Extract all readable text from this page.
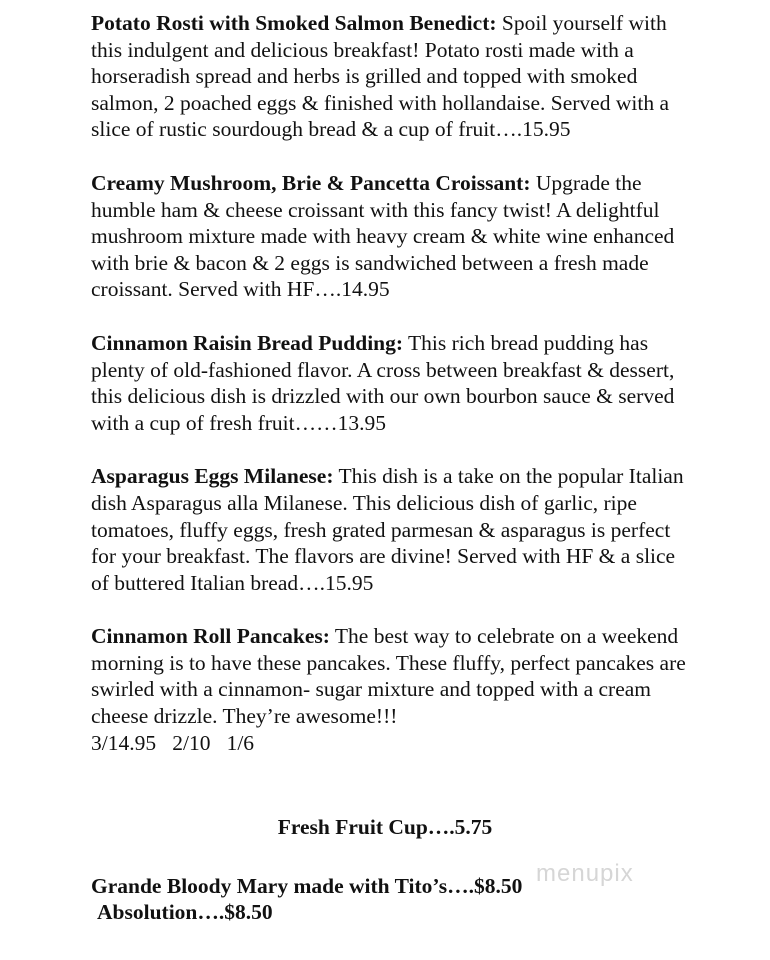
Potato Rosti with Smoked Salmon Benedict: Spoil yourself with this indulgent and delicious breakfast! Potato rosti made with a horseradish spread and herbs is grilled and topped with smoked salmon, 2 poached eggs & finished with hollandaise. Served with a slice of rustic sourdough bread & a cup of fruit….15.95
Creamy Mushroom, Brie & Pancetta Croissant: Upgrade the humble ham & cheese croissant with this fancy twist! A delightful mushroom mixture made with heavy cream & white wine enhanced with brie & bacon & 2 eggs is sandwiched between a fresh made croissant. Served with HF….14.95
Cinnamon Raisin Bread Pudding: This rich bread pudding has plenty of old-fashioned flavor. A cross between breakfast & dessert, this delicious dish is drizzled with our own bourbon sauce & served with a cup of fresh fruit……13.95
Asparagus Eggs Milanese: This dish is a take on the popular Italian dish Asparagus alla Milanese. This delicious dish of garlic, ripe tomatoes, fluffy eggs, fresh grated parmesan & asparagus is perfect for your breakfast. The flavors are divine! Served with HF & a slice of buttered Italian bread….15.95
Cinnamon Roll Pancakes: The best way to celebrate on a weekend morning is to have these pancakes. These fluffy, perfect pancakes are swirled with a cinnamon- sugar mixture and topped with a cream cheese drizzle. They’re awesome!!!
3/14.95   2/10   1/6
Fresh Fruit Cup….5.75
Grande Bloody Mary made with Tito’s….$8.50
Absolution….$8.50
menupix
